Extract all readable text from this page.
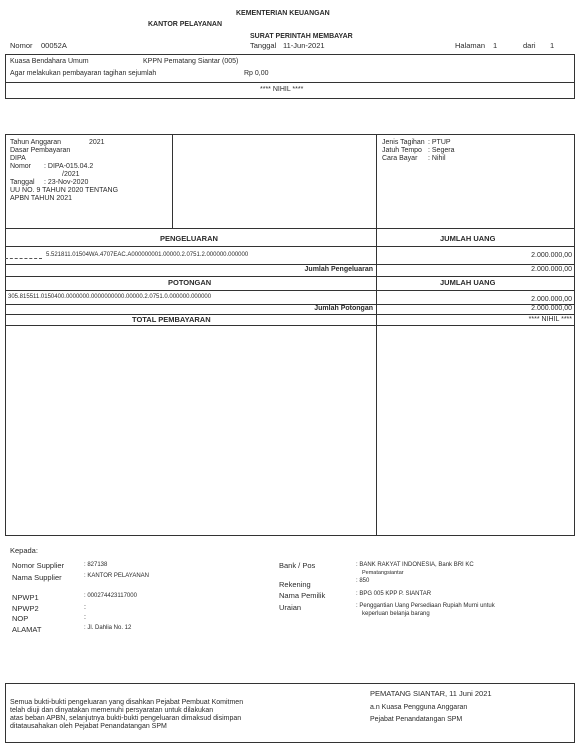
KEMENTERIAN KEUANGAN
KANTOR PELAYANAN
SURAT PERINTAH MEMBAYAR
Nomor 00052A	Tanggal 11-Jun-2021	Halaman 1	dari 1
Kuasa Bendahara Umum	KPPN Pematang Siantar (005)
Agar melakukan pembayaran tagihan sejumlah	Rp 0,00
**** NIHIL ****
Tahun Anggaran	2021
Dasar Pembayaran
DIPA
Nomor : DIPA-015.04.2
/2021
Tanggal : 23-Nov-2020
UU NO. 9 TAHUN 2020 TENTANG
APBN TAHUN 2021
Jenis Tagihan : PTUP
Jatuh Tempo : Segera
Cara Bayar : Nihil
PENGELUARAN	JUMLAH UANG
5.521811.01504WA.4707EAC.A000000001.00000.2.0751.2.000000.000000	2.000.000,00
Jumlah Pengeluaran	2.000.000,00
POTONGAN	JUMLAH UANG
305.815511.0150400.0000000.0000000000.00000.2.0751.0.000000.000000	2.000.000,00
Jumlah Potongan	2.000.000,00
TOTAL PEMBAYARAN	**** NIHIL ****
Kepada:
Nomor Supplier	: 827138
Nama Supplier	: KANTOR PELAYANAN
NPWP1	: 000274423117000
NPWP2	:
NOP	:
ALAMAT	: Jl. Dahlia No. 12
Bank / Pos	: BANK RAKYAT INDONESIA, Bank BRI KC
Pematangsiantar
Rekening	: 850
Nama Pemilik	: BPG 005 KPP P. SIANTAR
Uraian	: Penggantian Uang Persediaan Rupiah Murni untuk
keperluan belanja barang
Semua bukti-bukti pengeluaran yang disahkan Pejabat Pembuat Komitmen
telah diuji dan dinyatakan memenuhi persyaratan untuk dilakukan
atas beban APBN, selanjutnya bukti-bukti pengeluaran dimaksud disimpan
ditatausahakan oleh Pejabat Penandatangan SPM
PEMATANG SIANTAR, 11 Juni 2021
a.n Kuasa Pengguna Anggaran
Pejabat Penandatangan SPM
